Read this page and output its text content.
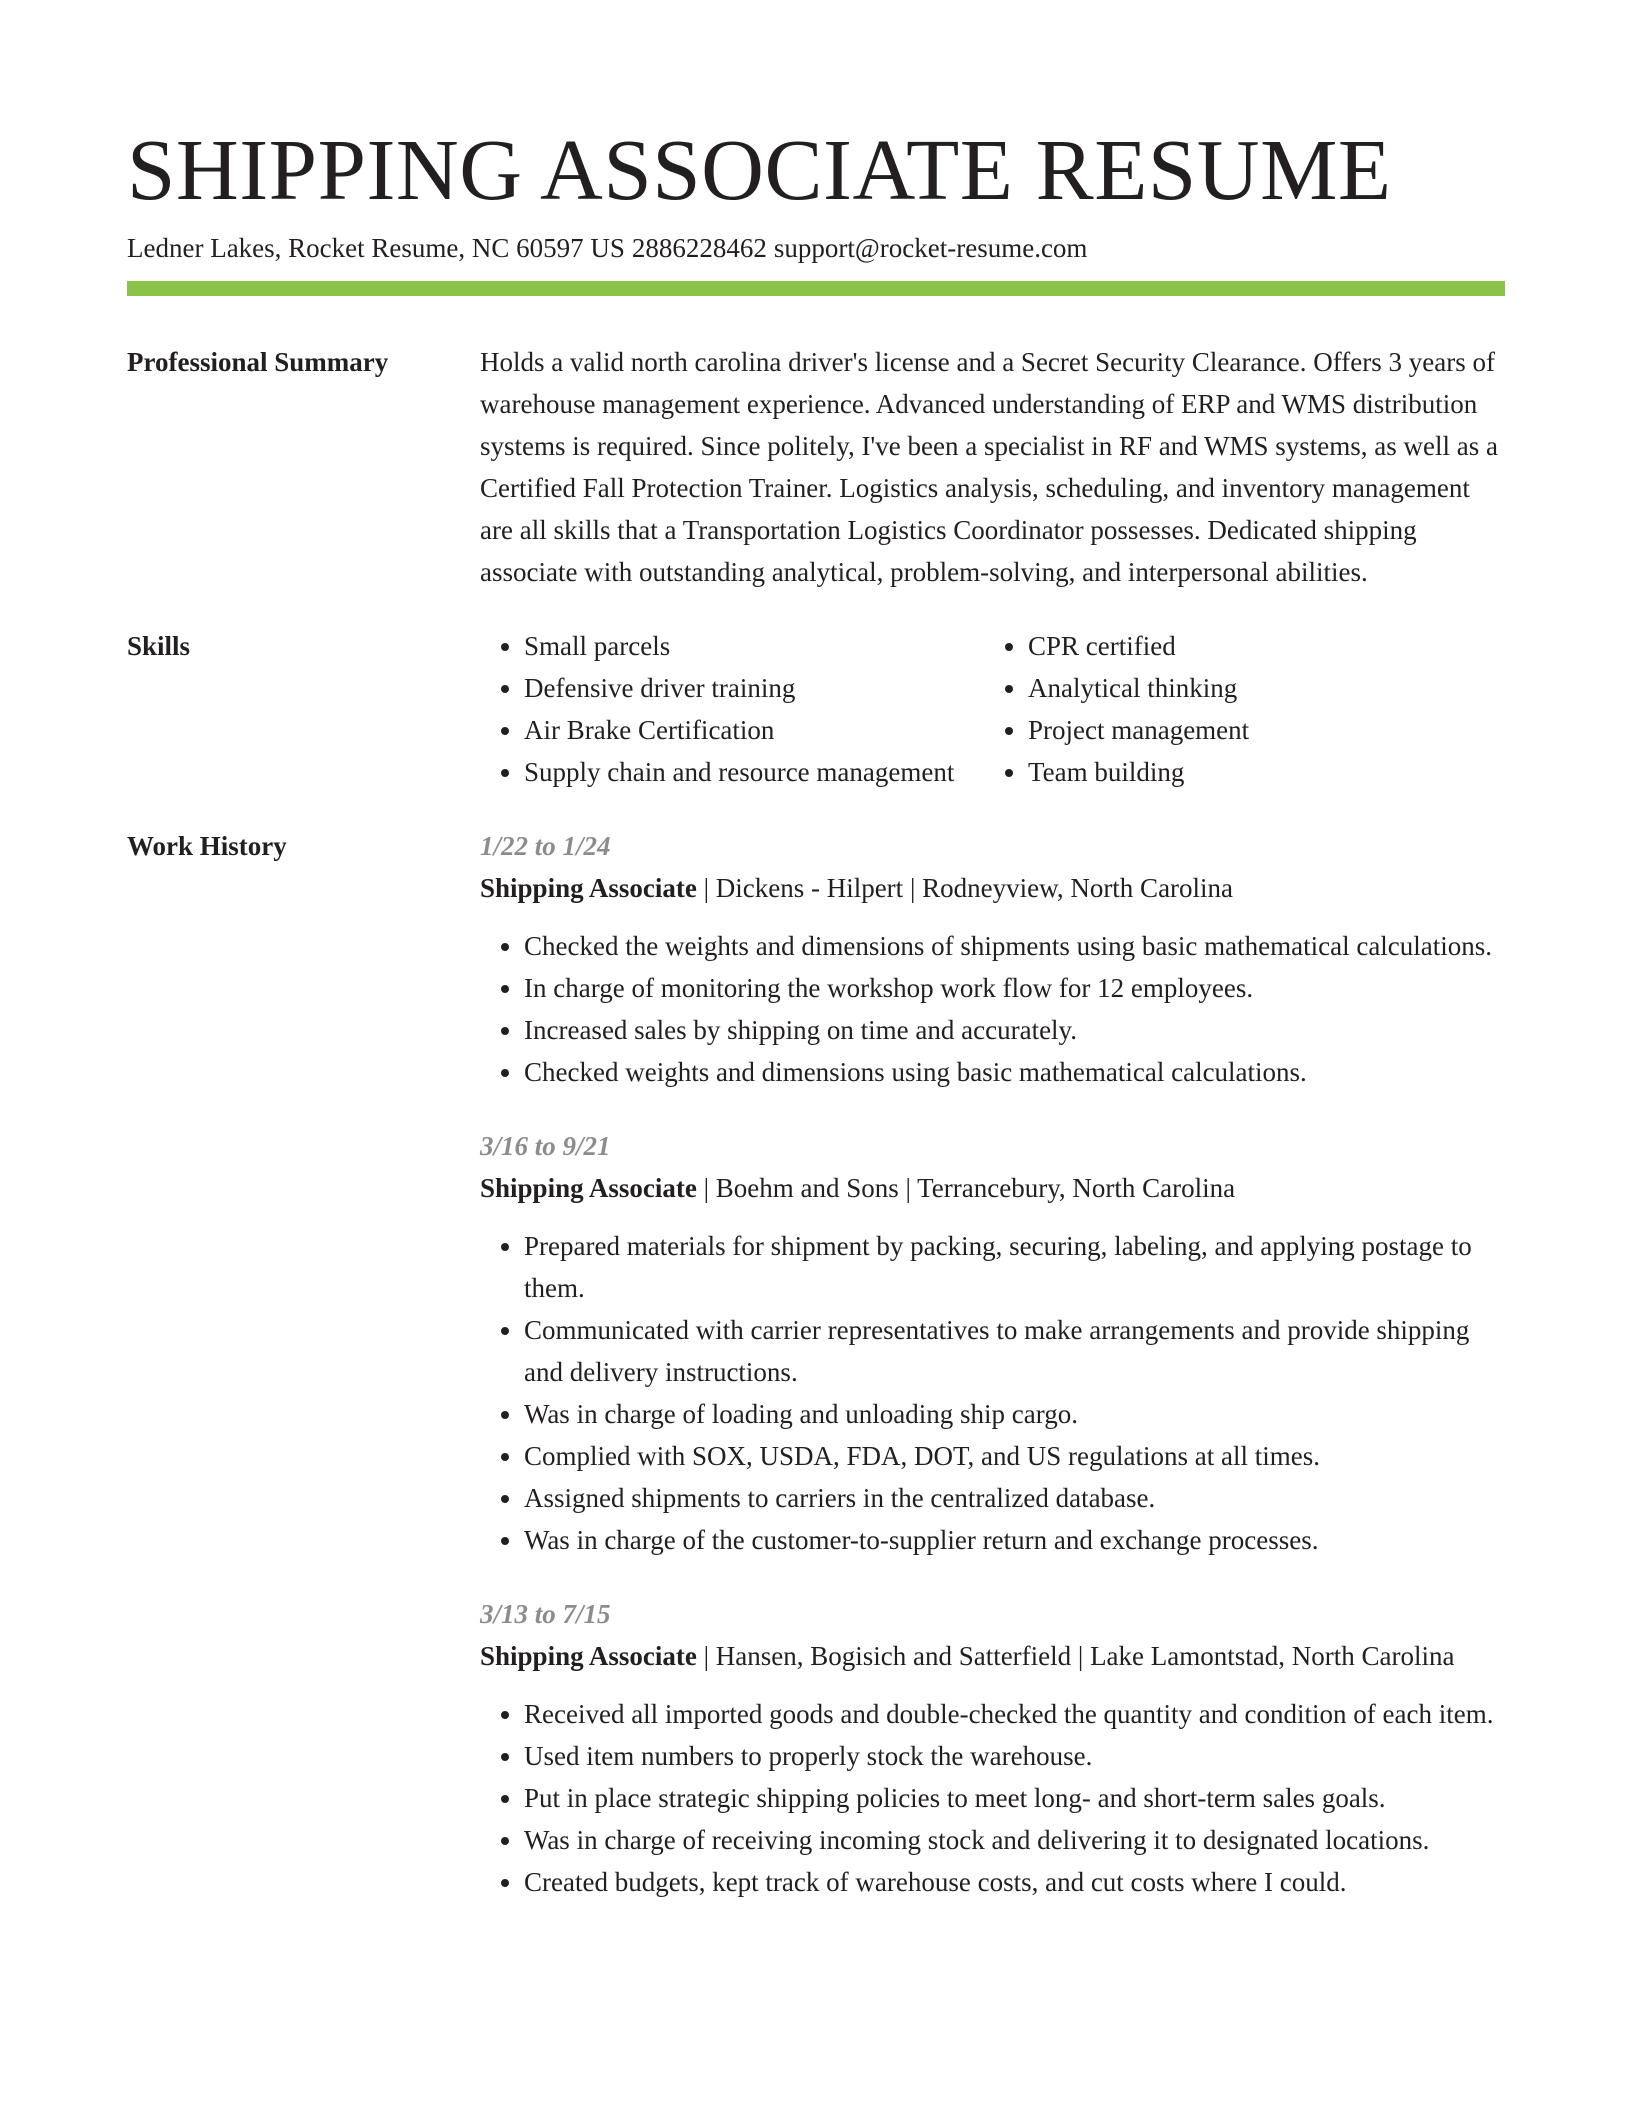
SHIPPING ASSOCIATE RESUME
Ledner Lakes, Rocket Resume, NC 60597 US 2886228462 support@rocket-resume.com
Professional Summary	Holds a valid north carolina driver's license and a Secret Security Clearance. Offers 3 years of warehouse management experience. Advanced understanding of ERP and WMS distribution systems is required. Since politely, I've been a specialist in RF and WMS systems, as well as a Certified Fall Protection Trainer. Logistics analysis, scheduling, and inventory management are all skills that a Transportation Logistics Coordinator possesses. Dedicated shipping associate with outstanding analytical, problem-solving, and interpersonal abilities.
Skills
•	Small parcels
• Defensive driver training
• Air Brake Certification
• Supply chain and resource management
• CPR certified
• Analytical thinking
• Project management
• Team building
Work History	1/22 to 1/24
Shipping Associate | Dickens - Hilpert | Rodneyview, North Carolina
• Checked the weights and dimensions of shipments using basic mathematical calculations.
• In charge of monitoring the workshop work flow for 12 employees.
• Increased sales by shipping on time and accurately.
• Checked weights and dimensions using basic mathematical calculations.
3/16 to 9/21
Shipping Associate | Boehm and Sons | Terrancebury, North Carolina
• Prepared materials for shipment by packing, securing, labeling, and applying postage to them.
• Communicated with carrier representatives to make arrangements and provide shipping and delivery instructions.
• Was in charge of loading and unloading ship cargo.
• Complied with SOX, USDA, FDA, DOT, and US regulations at all times.
• Assigned shipments to carriers in the centralized database.
• Was in charge of the customer-to-supplier return and exchange processes.
3/13 to 7/15
Shipping Associate | Hansen, Bogisich and Satterfield | Lake Lamontstad, North Carolina
• Received all imported goods and double-checked the quantity and condition of each item.
• Used item numbers to properly stock the warehouse.
• Put in place strategic shipping policies to meet long- and short-term sales goals.
• Was in charge of receiving incoming stock and delivering it to designated locations.
• Created budgets, kept track of warehouse costs, and cut costs where I could.
